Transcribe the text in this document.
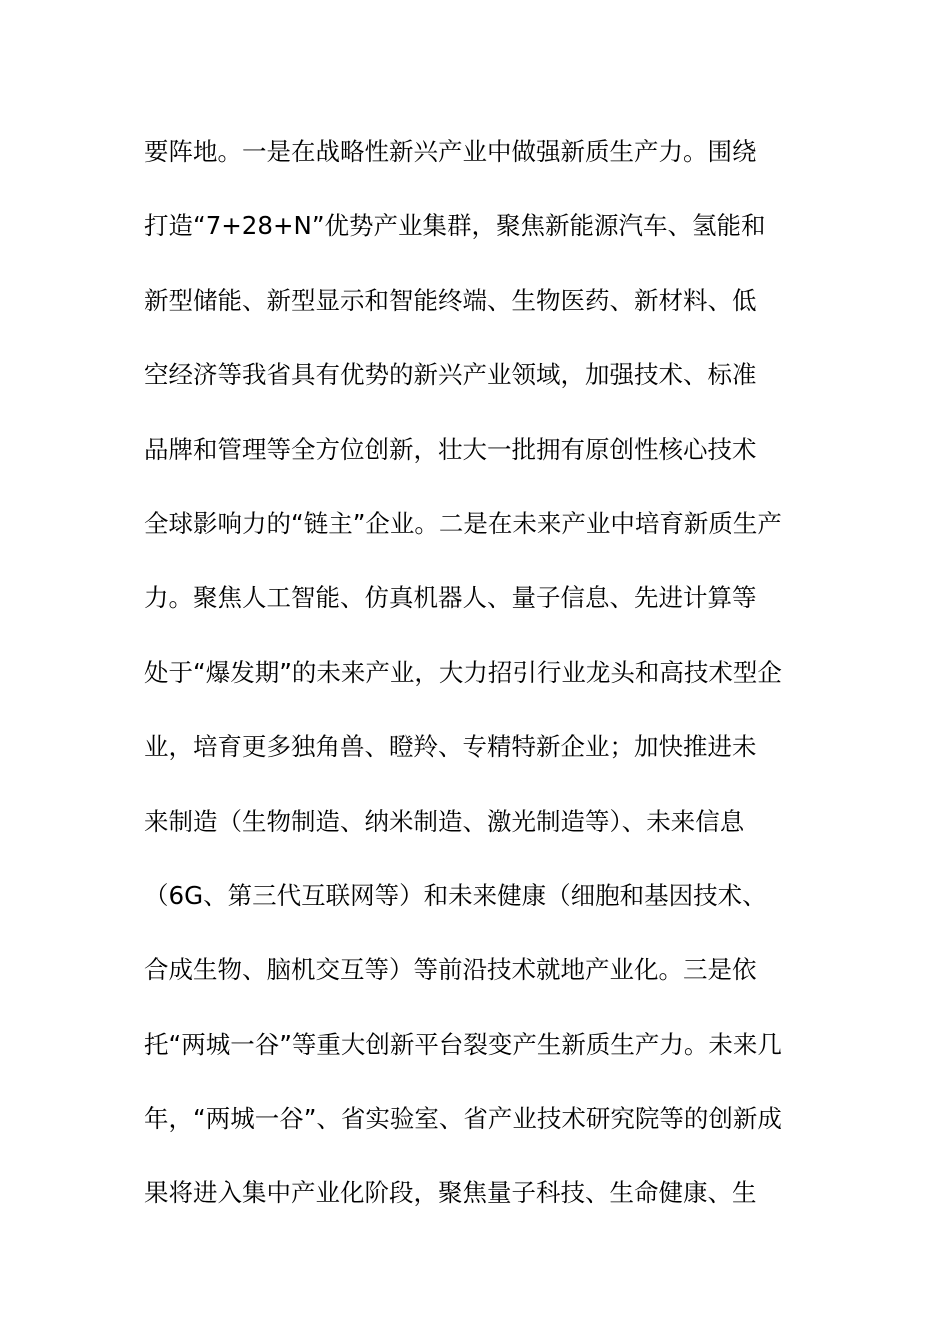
要阵地。一是在战略性新兴产业中做强新质生产力。围绕
打造“7+28+N”优势产业集群，聚焦新能源汽车、氢能和
新型储能、新型显示和智能终端、生物医药、新材料、低
空经济等我省具有优势的新兴产业领域，加强技术、标准
品牌和管理等全方位创新，壮大一批拥有原创性核心技术
全球影响力的“链主”企业。二是在未来产业中培育新质生产
力。聚焦人工智能、仿真机器人、量子信息、先进计算等
处于“爆发期”的未来产业，大力招引行业龙头和高技术型企
业，培育更多独角兽、瞪羚、专精特新企业；加快推进未
来制造（生物制造、纳米制造、激光制造等）、未来信息
（6G、第三代互联网等）和未来健康（细胞和基因技术、
合成生物、脑机交互等）等前沿技术就地产业化。三是依
托“两城一谷”等重大创新平台裂变产生新质生产力。未来几
年，“两城一谷”、省实验室、省产业技术研究院等的创新成
果将进入集中产业化阶段，聚焦量子科技、生命健康、生
